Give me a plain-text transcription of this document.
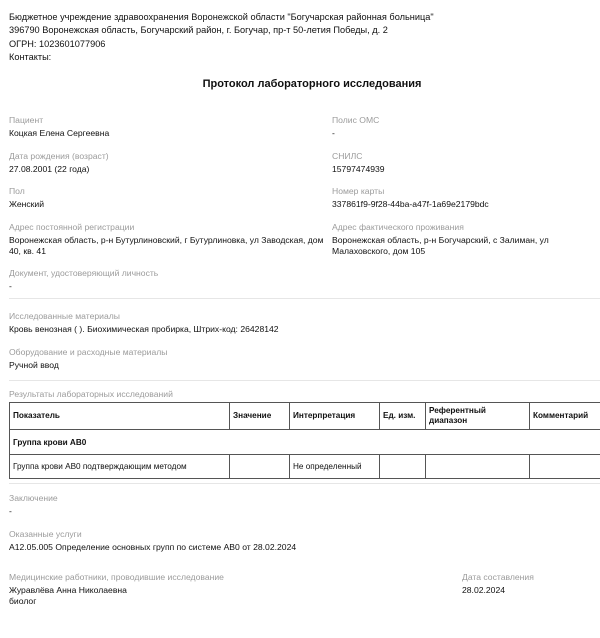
Бюджетное учреждение здравоохранения Воронежской области "Богучарская районная больница"
396790 Воронежская область, Богучарский район, г. Богучар, пр-т 50-летия Победы, д. 2
ОГРН: 1023601077906
Контакты:
Протокол лабораторного исследования
Пациент
Коцкая Елена Сергеевна
Полис ОМС
-
Дата рождения (возраст)
27.08.2001 (22 года)
СНИЛС
15797474939
Пол
Женский
Номер карты
337861f9-9f28-44ba-a47f-1a69e2179bdc
Адрес постоянной регистрации
Воронежская область, р-н Бутурлиновский, г Бутурлиновка, ул Заводская, дом 40, кв. 41
Адрес фактического проживания
Воронежская область, р-н Богучарский, с Залиман, ул Малаховского, дом 105
Документ, удостоверяющий личность
-
Исследованные материалы
Кровь венозная ( ). Биохимическая пробирка, Штрих-код: 26428142
Оборудование и расходные материалы
Ручной ввод
Результаты лабораторных исследований
Показатель	Значение	Интерпретация	Ед. изм.	Референтный диапазон	Комментарий
Группа крови АВ0					
Группа крови АВ0 подтверждающим методом		Не определенный			
Заключение
-
Оказанные услуги
A12.05.005 Определение основных групп по системе АВ0 от 28.02.2024
Медицинские работники, проводившие исследование
Журавлёва Анна Николаевна
биолог
Дата составления
28.02.2024
